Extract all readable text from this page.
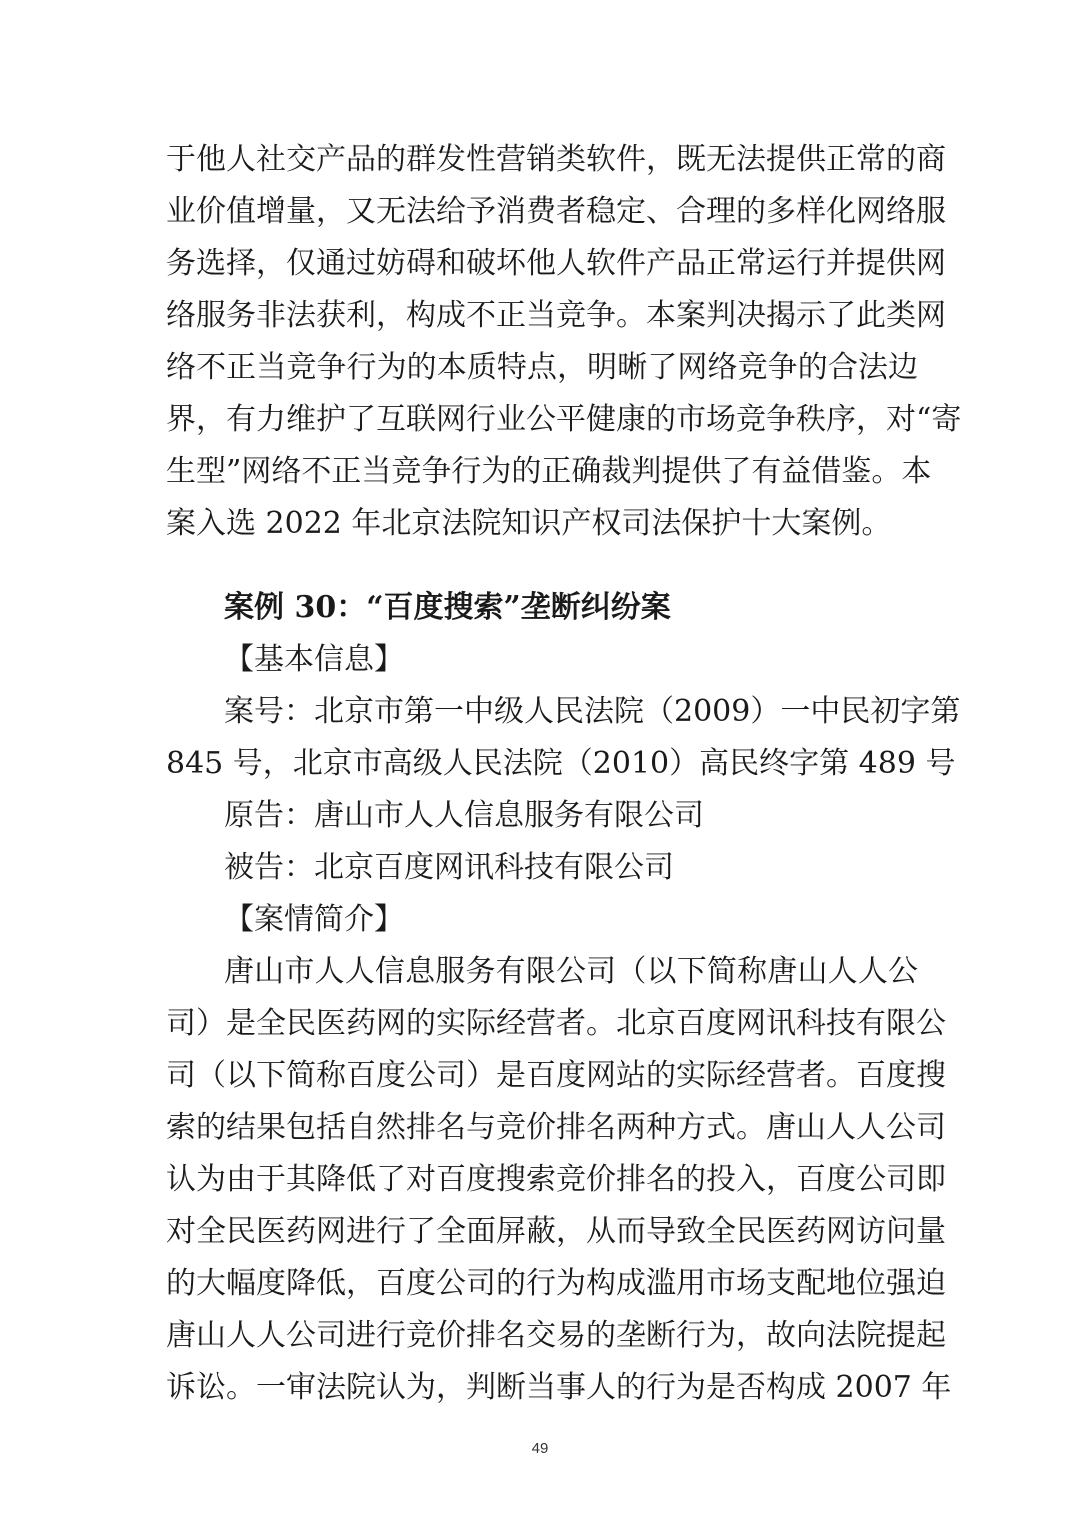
于他人社交产品的群发性营销类软件，既无法提供正常的商
业价值增量，又无法给予消费者稳定、合理的多样化网络服
务选择，仅通过妨碍和破坏他人软件产品正常运行并提供网
络服务非法获利，构成不正当竞争。本案判决揭示了此类网
络不正当竞争行为的本质特点，明晰了网络竞争的合法边
界，有力维护了互联网行业公平健康的市场竞争秩序，对“寄
生型”网络不正当竞争行为的正确裁判提供了有益借鉴。本
案入选 2022 年北京法院知识产权司法保护十大案例。
案例 30：“百度搜索”垄断纠纷案
【基本信息】
案号：北京市第一中级人民法院（2009）一中民初字第
845 号，北京市高级人民法院（2010）高民终字第 489 号
原告：唐山市人人信息服务有限公司
被告：北京百度网讯科技有限公司
【案情简介】
唐山市人人信息服务有限公司（以下简称唐山人人公
司）是全民医药网的实际经营者。北京百度网讯科技有限公
司（以下简称百度公司）是百度网站的实际经营者。百度搜
索的结果包括自然排名与竞价排名两种方式。唐山人人公司
认为由于其降低了对百度搜索竞价排名的投入，百度公司即
对全民医药网进行了全面屏蔽，从而导致全民医药网访问量
的大幅度降低，百度公司的行为构成滥用市场支配地位强迫
唐山人人公司进行竞价排名交易的垄断行为，故向法院提起
诉讼。一审法院认为，判断当事人的行为是否构成 2007 年
49
